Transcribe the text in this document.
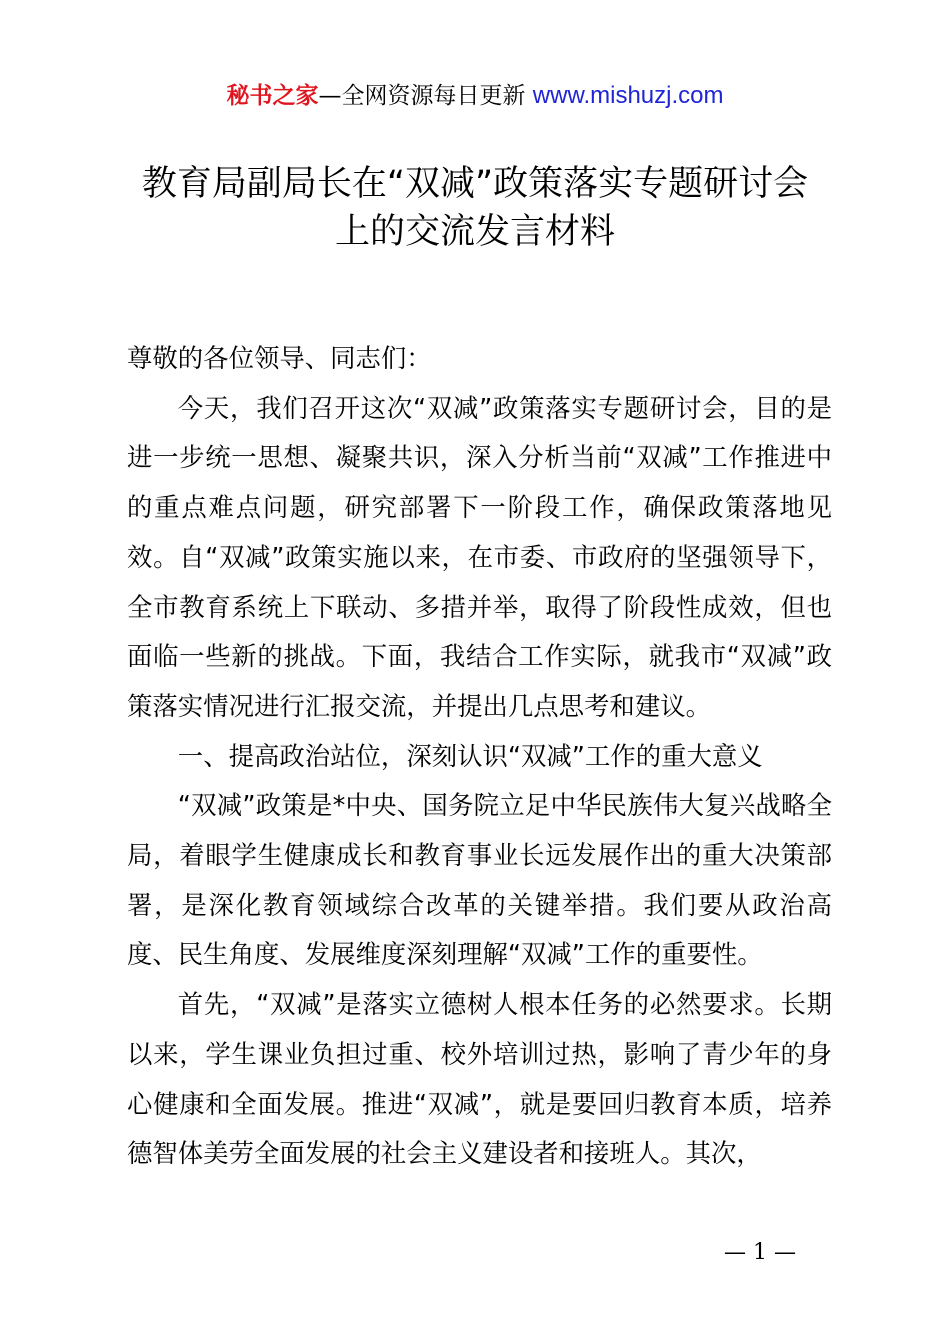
秘书之家—全网资源每日更新 www.mishuzj.com
教育局副局长在“双减”政策落实专题研讨会
上的交流发言材料

尊敬的各位领导、同志们：

今天，我们召开这次“双减”政策落实专题研讨会，目的是进一步统一思想、凝聚共识，深入分析当前“双减”工作推进中的重点难点问题，研究部署下一阶段工作，确保政策落地见效。自“双减”政策实施以来，在市委、市政府的坚强领导下，全市教育系统上下联动、多措并举，取得了阶段性成效，但也面临一些新的挑战。下面，我结合工作实际，就我市“双减”政策落实情况进行汇报交流，并提出几点思考和建议。

一、提高政治站位，深刻认识“双减”工作的重大意义

“双减”政策是*中央、国务院立足中华民族伟大复兴战略全局，着眼学生健康成长和教育事业长远发展作出的重大决策部署，是深化教育领域综合改革的关键举措。我们要从政治高度、民生角度、发展维度深刻理解“双减”工作的重要性。

首先，“双减”是落实立德树人根本任务的必然要求。长期以来，学生课业负担过重、校外培训过热，影响了青少年的身心健康和全面发展。推进“双减”，就是要回归教育本质，培养德智体美劳全面发展的社会主义建设者和接班人。其次，

— 1 —
